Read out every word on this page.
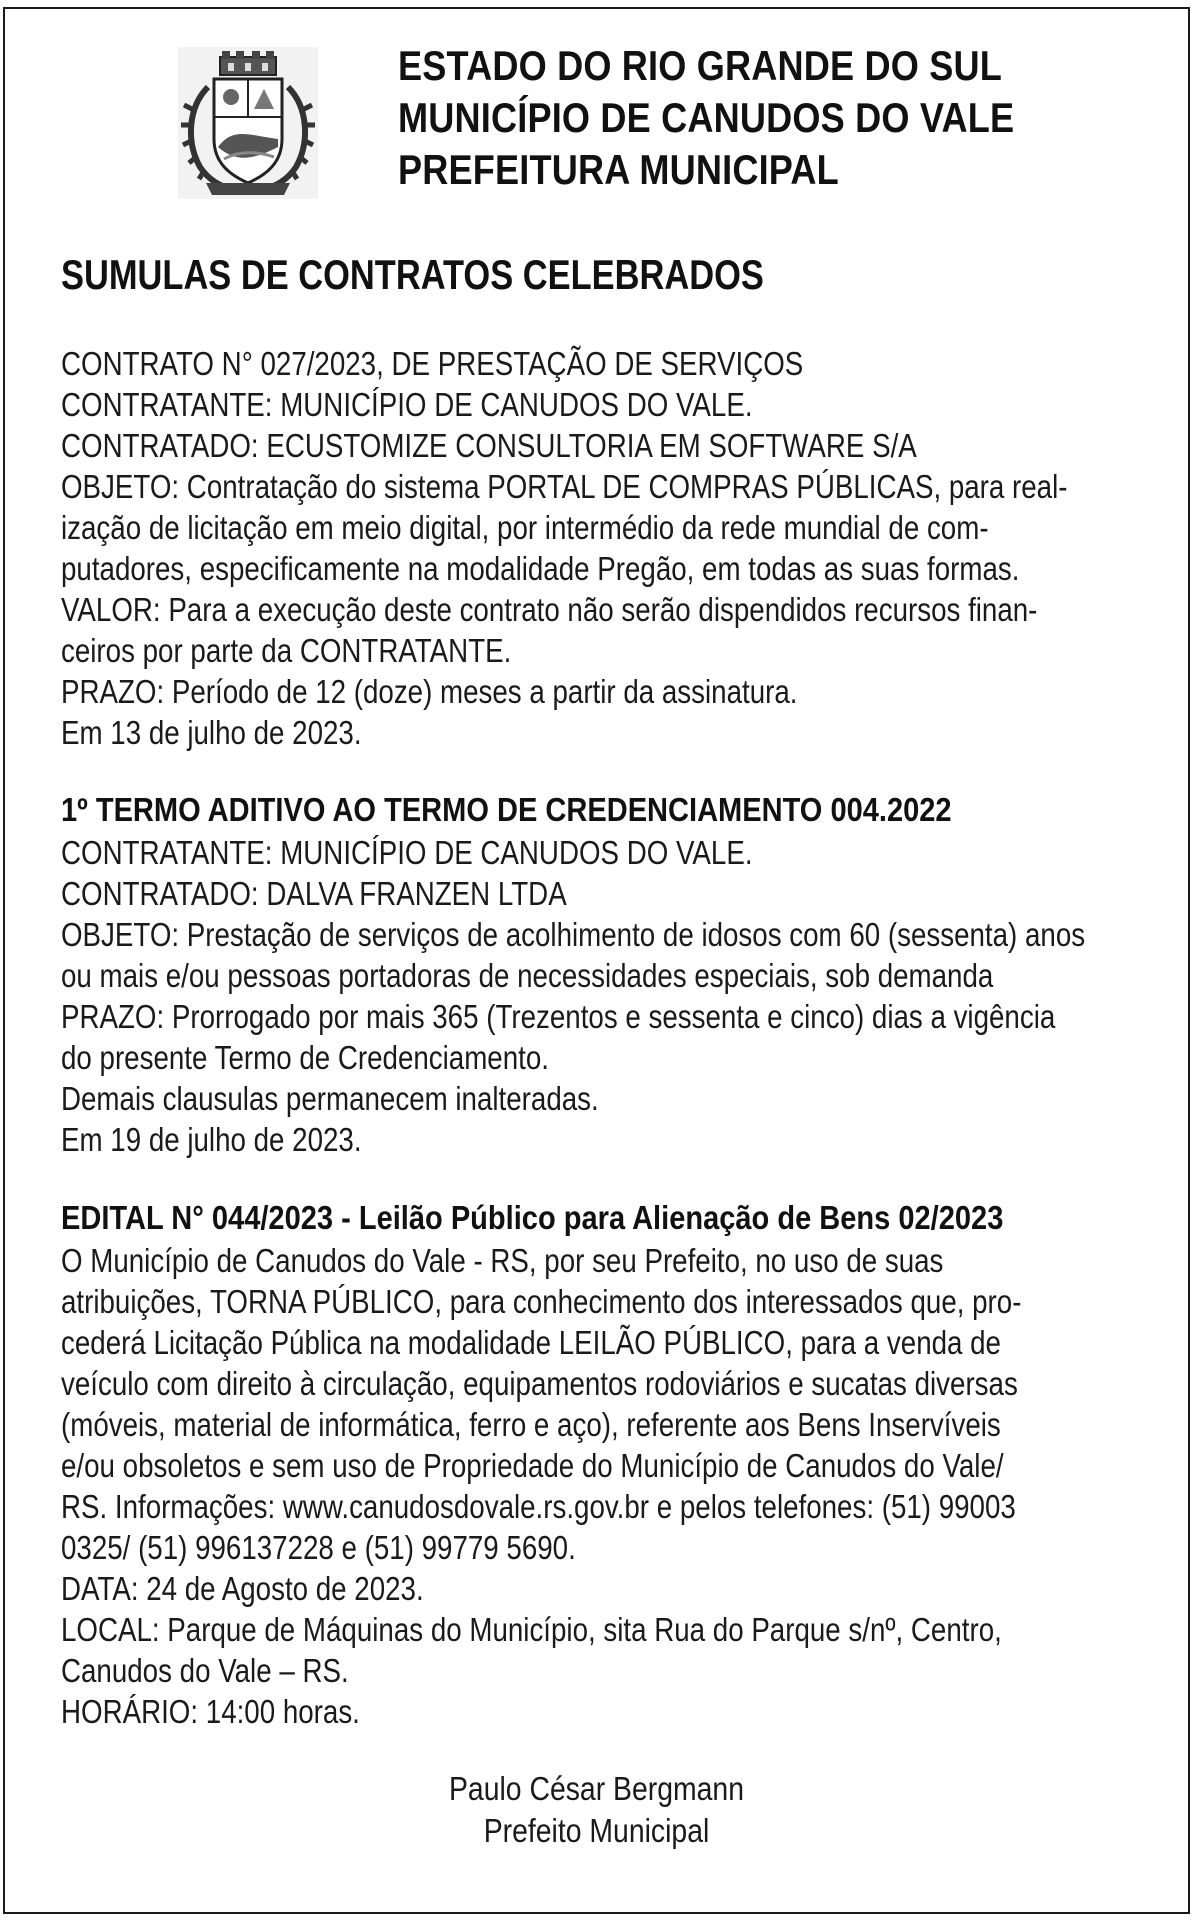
ESTADO DO RIO GRANDE DO SUL
MUNICÍPIO DE CANUDOS DO VALE
PREFEITURA MUNICIPAL
SUMULAS DE CONTRATOS CELEBRADOS
CONTRATO N° 027/2023, DE PRESTAÇÃO DE SERVIÇOS
CONTRATANTE: MUNICÍPIO DE CANUDOS DO VALE.
CONTRATADO: ECUSTOMIZE CONSULTORIA EM SOFTWARE S/A
OBJETO: Contratação do sistema PORTAL DE COMPRAS PÚBLICAS, para real-
ização de licitação em meio digital, por intermédio da rede mundial de com-
putadores, especificamente na modalidade Pregão, em todas as suas formas.
VALOR: Para a execução deste contrato não serão dispendidos recursos finan-
ceiros por parte da CONTRATANTE.
PRAZO: Período de 12 (doze) meses a partir da assinatura.
Em 13 de julho de 2023.
1º TERMO ADITIVO AO TERMO DE CREDENCIAMENTO 004.2022
CONTRATANTE: MUNICÍPIO DE CANUDOS DO VALE.
CONTRATADO: DALVA FRANZEN LTDA
OBJETO: Prestação de serviços de acolhimento de idosos com 60 (sessenta) anos
ou mais e/ou pessoas portadoras de necessidades especiais, sob demanda
PRAZO: Prorrogado por mais 365 (Trezentos e sessenta e cinco) dias a vigência
do presente Termo de Credenciamento.
Demais clausulas permanecem inalteradas.
Em 19 de julho de 2023.
EDITAL N° 044/2023 - Leilão Público para Alienação de Bens 02/2023
O Município de Canudos do Vale - RS, por seu Prefeito, no uso de suas
atribuições, TORNA PÚBLICO, para conhecimento dos interessados que, pro-
cederá Licitação Pública na modalidade LEILÃO PÚBLICO, para a venda de
veículo com direito à circulação, equipamentos rodoviários e sucatas diversas
(móveis, material de informática, ferro e aço), referente aos Bens Inservíveis
e/ou obsoletos e sem uso de Propriedade do Município de Canudos do Vale/
RS. Informações: www.canudosdovale.rs.gov.br e pelos telefones: (51) 99003
0325/ (51) 996137228 e (51) 99779 5690.
DATA: 24 de Agosto de 2023.
LOCAL: Parque de Máquinas do Município, sita Rua do Parque s/nº, Centro,
Canudos do Vale – RS.
HORÁRIO: 14:00 horas.
Paulo César Bergmann
Prefeito Municipal
